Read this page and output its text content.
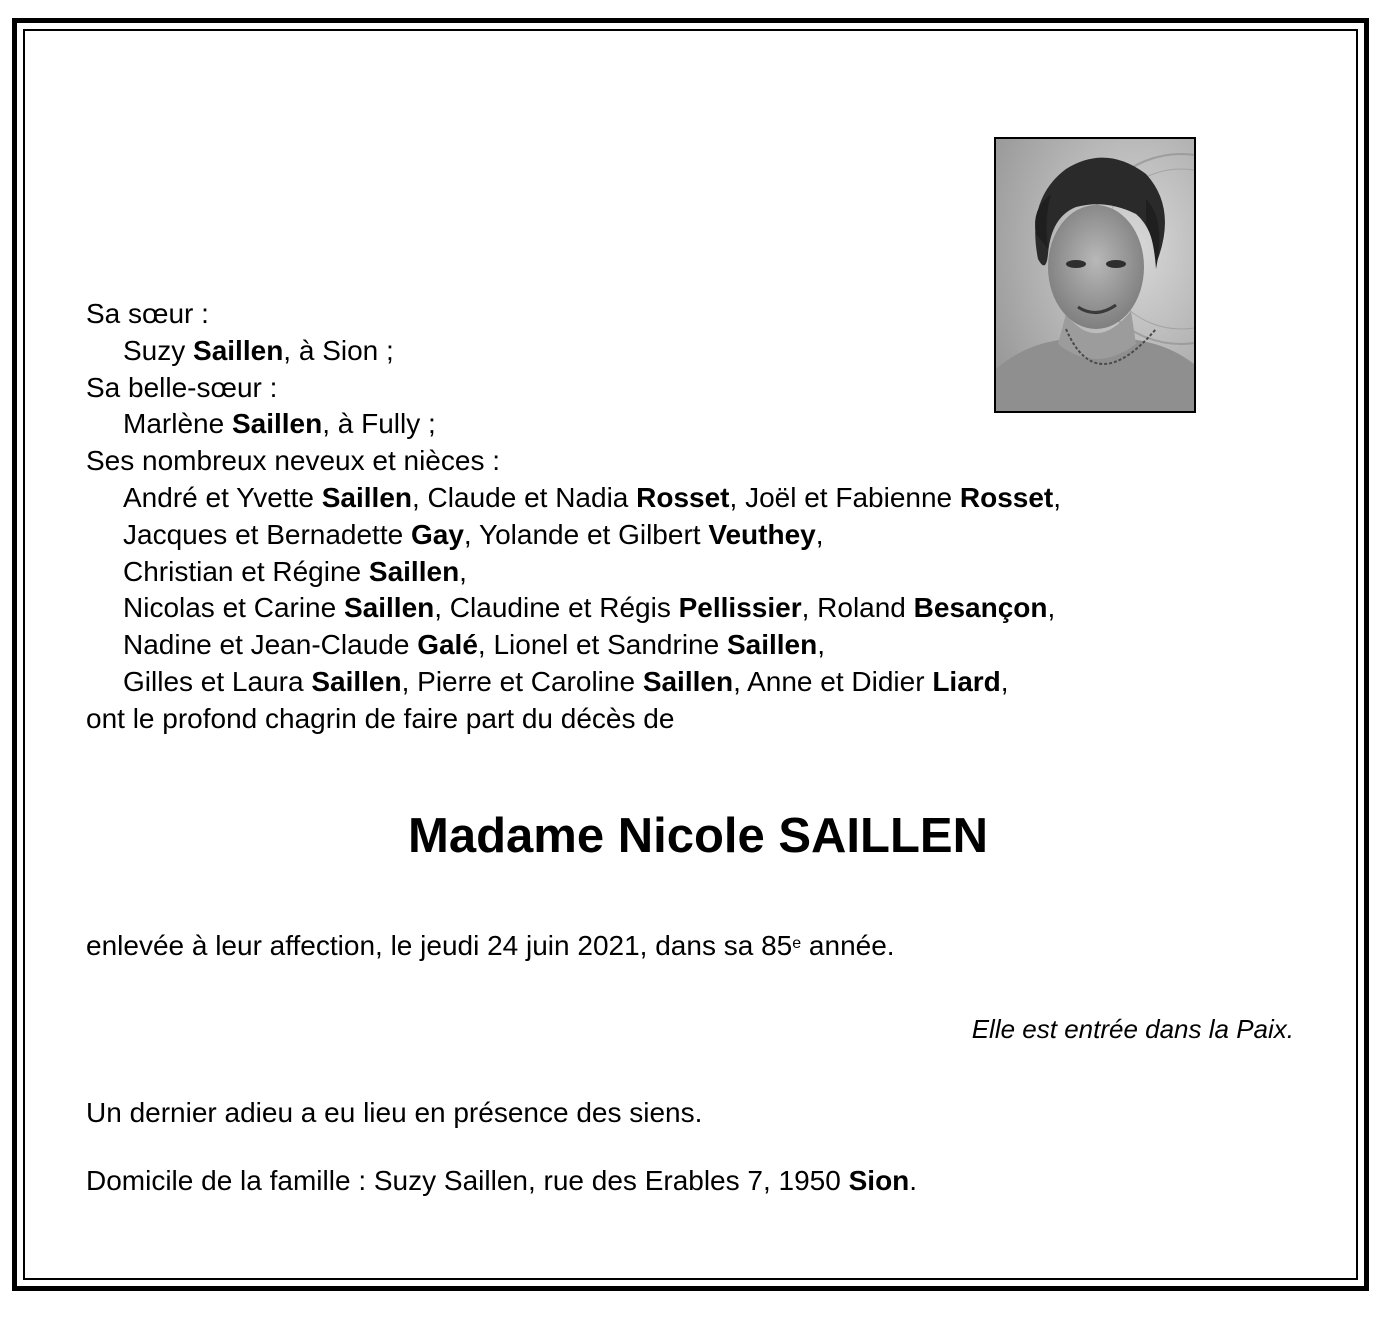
Sa sœur :
Suzy Saillen, à Sion ;
Sa belle-sœur :
Marlène Saillen, à Fully ;
Ses nombreux neveux et nièces :
André et Yvette Saillen, Claude et Nadia Rosset, Joël et Fabienne Rosset,
Jacques et Bernadette Gay, Yolande et Gilbert Veuthey,
Christian et Régine Saillen,
Nicolas et Carine Saillen, Claudine et Régis Pellissier, Roland Besançon,
Nadine et Jean-Claude Galé, Lionel et Sandrine Saillen,
Gilles et Laura Saillen, Pierre et Caroline Saillen, Anne et Didier Liard,
ont le profond chagrin de faire part du décès de
Madame Nicole SAILLEN
enlevée à leur affection, le jeudi 24 juin 2021, dans sa 85e année.
Elle est entrée dans la Paix.
Un dernier adieu a eu lieu en présence des siens.
Domicile de la famille : Suzy Saillen, rue des Erables 7, 1950 Sion.
